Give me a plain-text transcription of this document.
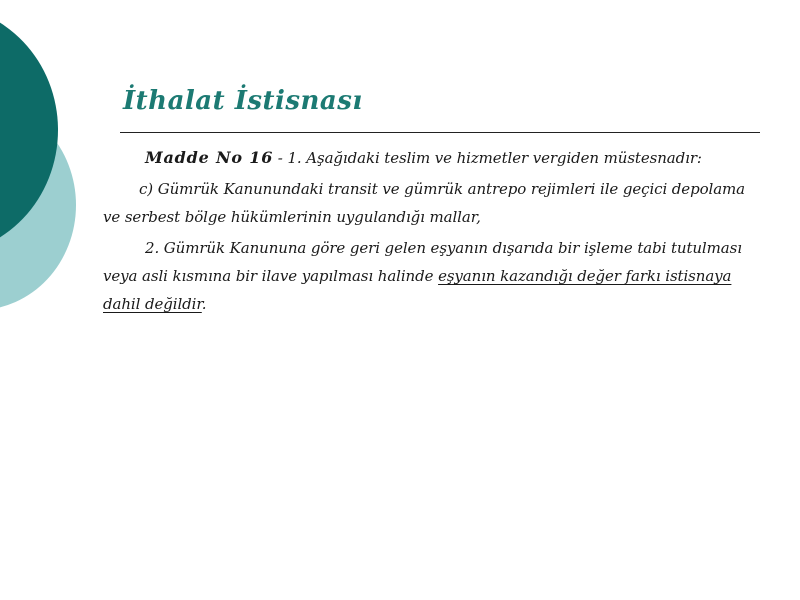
İthalat İstisnası

Madde No 16 - 1. Aşağıdaki teslim ve hizmetler vergiden müstesnadır:

c) Gümrük Kanunundaki transit ve gümrük antrepo rejimleri ile geçici depolama ve serbest bölge hükümlerinin uygulandığı mallar,

2. Gümrük Kanununa göre geri gelen eşyanın dışarıda bir işleme tabi tutulması veya asli kısmına bir ilave yapılması halinde eşyanın kazandığı değer farkı istisnaya dahil değildir.
